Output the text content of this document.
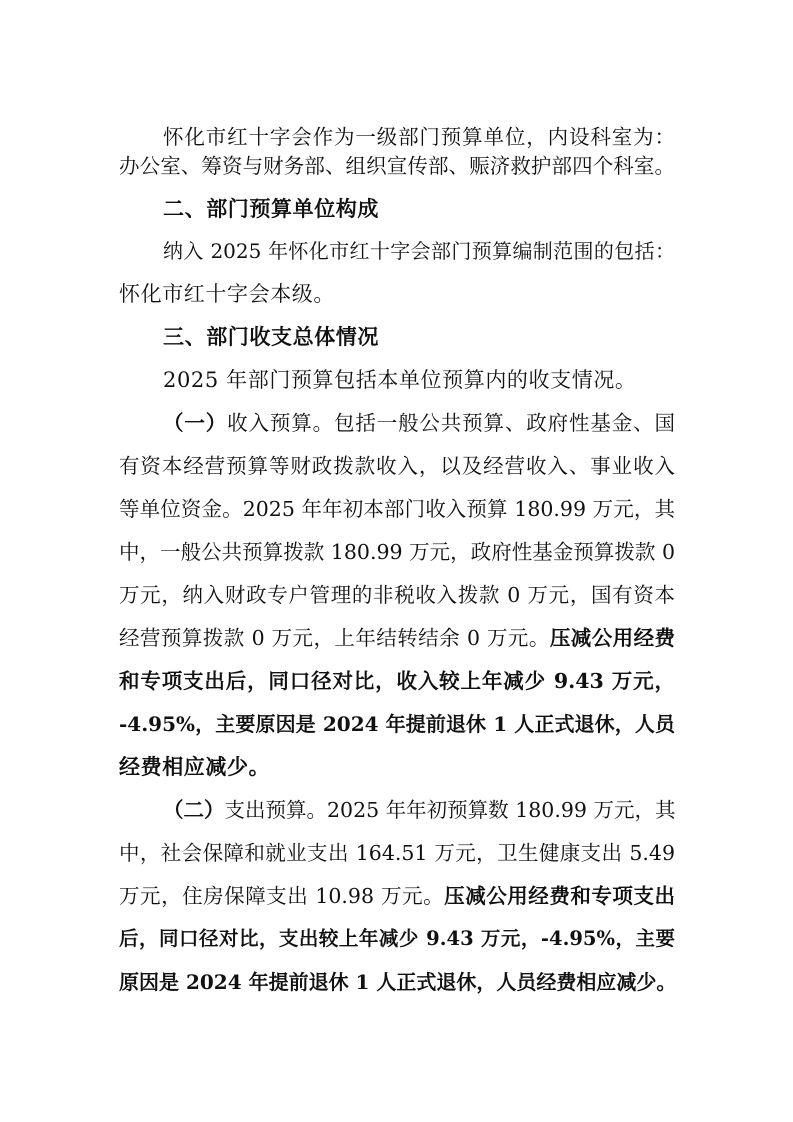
怀化市红十字会作为一级部门预算单位，内设科室为：
办公室、筹资与财务部、组织宣传部、赈济救护部四个科室。
二、部门预算单位构成
纳入 2025 年怀化市红十字会部门预算编制范围的包括：
怀化市红十字会本级。
三、部门收支总体情况
2025 年部门预算包括本单位预算内的收支情况。
（一）收入预算。包括一般公共预算、政府性基金、国
有资本经营预算等财政拨款收入，以及经营收入、事业收入
等单位资金。2025 年年初本部门收入预算 180.99 万元，其
中，一般公共预算拨款 180.99 万元，政府性基金预算拨款 0
万元，纳入财政专户管理的非税收入拨款 0 万元，国有资本
经营预算拨款 0 万元，上年结转结余 0 万元。压减公用经费
和专项支出后，同口径对比，收入较上年减少 9.43 万元，
-4.95%，主要原因是 2024 年提前退休 1 人正式退休，人员
经费相应减少。
（二）支出预算。2025 年年初预算数 180.99 万元，其
中，社会保障和就业支出 164.51 万元，卫生健康支出 5.49
万元，住房保障支出 10.98 万元。压减公用经费和专项支出
后，同口径对比，支出较上年减少 9.43 万元，-4.95%，主要
原因是 2024 年提前退休 1 人正式退休，人员经费相应减少。
